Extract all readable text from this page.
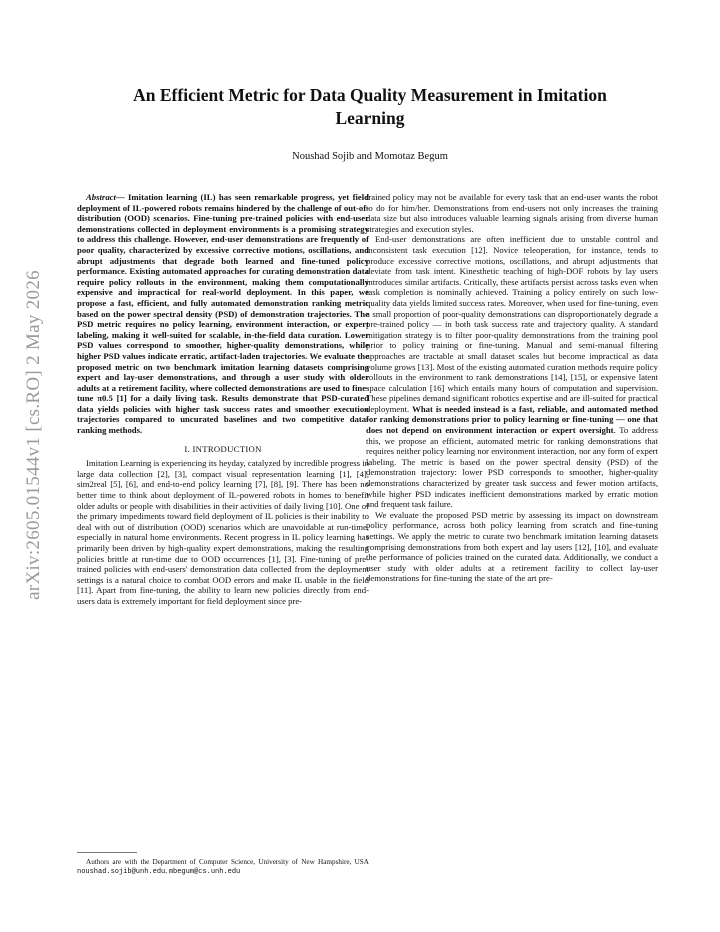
arXiv:2605.01544v1 [cs.RO] 2 May 2026
An Efficient Metric for Data Quality Measurement in Imitation Learning
Noushad Sojib and Momotaz Begum

Abstract— Imitation learning (IL) has seen remarkable progress, yet field deployment of IL-powered robots remains hindered by the challenge of out-of-distribution (OOD) scenarios. Fine-tuning pre-trained policies with end-user demonstrations collected in deployment environments is a promising strategy to address this challenge. However, end-user demonstrations are frequently of poor quality, characterized by excessive corrective motions, oscillations, and abrupt adjustments that degrade both learned and fine-tuned policy performance. Existing automated approaches for curating demonstration data require policy rollouts in the environment, making them computationally expensive and impractical for real-world deployment. In this paper, we propose a fast, efficient, and fully automated demonstration ranking metric based on the power spectral density (PSD) of demonstration trajectories. The PSD metric requires no policy learning, environment interaction, or expert labeling, making it well-suited for scalable, in-the-field data curation. Lower PSD values correspond to smoother, higher-quality demonstrations, while higher PSD values indicate erratic, artifact-laden trajectories. We evaluate the proposed metric on two benchmark imitation learning datasets comprising expert and lay-user demonstrations, and through a user study with older adults at a retirement facility, where collected demonstrations are used to fine-tune π0.5 [1] for a daily living task. Results demonstrate that PSD-curated data yields policies with higher task success rates and smoother execution trajectories compared to uncurated baselines and two competitive data-ranking methods.

I. INTRODUCTION

Imitation Learning is experiencing its heyday, catalyzed by incredible progress in large data collection [2], [3], compact visual representation learning [1], [4], sim2real [5], [6], and end-to-end policy learning [7], [8], [9]. There has been no better time to think about deployment of IL-powered robots in homes to benefit older adults or people with disabilities in their activities of daily living [10]. One of the primary impediments toward field deployment of IL policies is their inability to deal with out of distribution (OOD) scenarios which are unavoidable at run-time, especially in natural home environments. Recent progress in IL policy learning has primarily been driven by high-quality expert demonstrations, making the resulting policies brittle at run-time due to OOD occurrences [1], [3]. Fine-tuning of pre-trained policies with end-users' demonstration data collected from the deployment settings is a natural choice to combat OOD errors and make IL usable in the field [11]. Apart from fine-tuning, the ability to learn new policies directly from end-users data is extremely important for field deployment since pre-

Authors are with the Department of Computer Science, University of New Hampshire, USA noushad.sojib@unh.edu, mbegum@cs.unh.edu

trained policy may not be available for every task that an end-user wants the robot to do for him/her. Demonstrations from end-users not only increases the training data size but also introduces valuable learning signals arising from diverse human strategies and execution styles.

End-user demonstrations are often inefficient due to unstable control and inconsistent task execution [12]. Novice teleoperation, for instance, tends to produce excessive corrective motions, oscillations, and abrupt adjustments that deviate from task intent. Kinesthetic teaching of high-DOF robots by lay users introduces similar artifacts. Critically, these artifacts persist across tasks even when task completion is nominally achieved. Training a policy entirely on such low-quality data yields limited success rates. Moreover, when used for fine-tuning, even a small proportion of poor-quality demonstrations can disproportionately degrade a pre-trained policy — in both task success rate and trajectory quality. A standard mitigation strategy is to filter poor-quality demonstrations from the training pool prior to policy training or fine-tuning. Manual and semi-manual filtering approaches are tractable at small dataset scales but become impractical as data volume grows [13]. Most of the existing automated curation methods require policy rollouts in the environment to rank demonstrations [14], [15], or expensive latent space calculation [16] which entails many hours of computation and supervision. These pipelines demand significant robotics expertise and are ill-suited for practical deployment. What is needed instead is a fast, reliable, and automated method for ranking demonstrations prior to policy learning or fine-tuning — one that does not depend on environment interaction or expert oversight. To address this, we propose an efficient, automated metric for ranking demonstrations that requires neither policy learning nor environment interaction, nor any form of expert labeling. The metric is based on the power spectral density (PSD) of the demonstration trajectory: lower PSD corresponds to smoother, higher-quality demonstrations characterized by greater task success and fewer motion artifacts, while higher PSD indicates inefficient demonstrations marked by erratic motion and frequent task failure.

We evaluate the proposed PSD metric by assessing its impact on downstream policy performance, across both policy learning from scratch and fine-tuning settings. We apply the metric to curate two benchmark imitation learning datasets comprising demonstrations from both expert and lay users [12], [10], and evaluate the performance of policies trained on the curated data. Additionally, we conduct a user study with older adults at a retirement facility to collect lay-user demonstrations for fine-tuning the state of the art pre-
